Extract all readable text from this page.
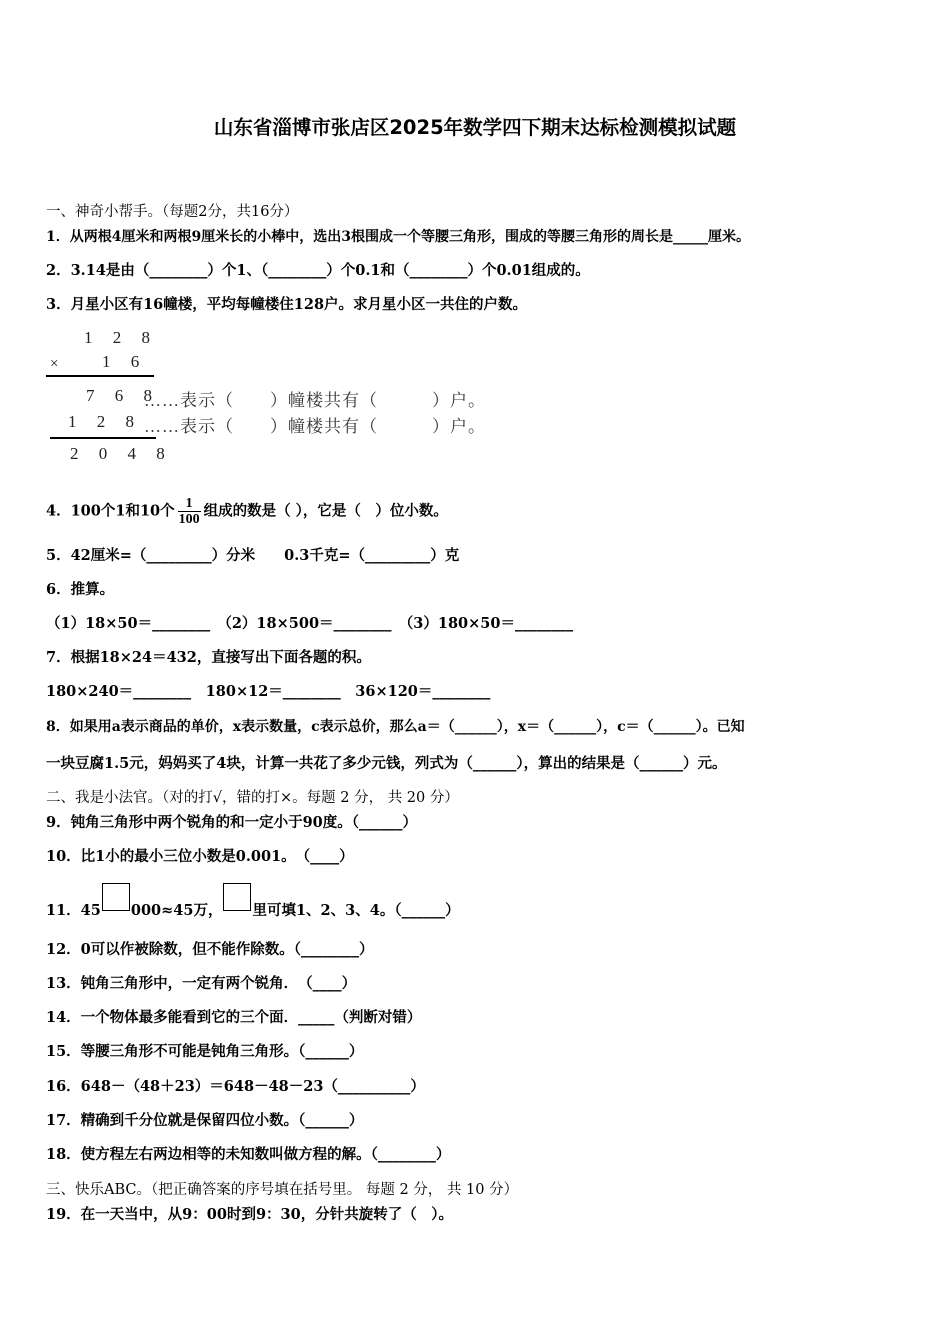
山东省淄博市张店区2025年数学四下期末达标检测模拟试题
一、神奇小帮手。（每题2分，共16分）
1．从两根4厘米和两根9厘米长的小棒中，选出3根围成一个等腰三角形，围成的等腰三角形的周长是_____厘米。
2．3.14是由（________）个1、（________）个0.1和（________）个0.01组成的。
3．月星小区有16幢楼，平均每幢楼住128户。求月星小区一共住的户数。
1 2 8
× 1 6
7 6 8
……表示（　　）幢楼共有（　　　）户。
1 2 8 ……表示（　　）幢楼共有（　　　）户。
2 0 4 8
4．100个1和10个 $\frac{1}{100}$ 组成的数是（ ），它是（　）位小数。
5．42厘米=（_________）分米　　0.3千克=（_________）克
6．推算。
（1）18×50＝________　（2）18×500＝________　（3）180×50＝________
7．根据18×24＝432，直接写出下面各题的积。
180×240＝________　180×12＝________　36×120＝________
8．如果用a表示商品的单价，x表示数量，c表示总价，那么a＝（______），x＝（______），c＝（______）。已知
一块豆腐1.5元，妈妈买了4块，计算一共花了多少元钱，列式为（______），算出的结果是（______）元。
二、我是小法官。（对的打√，错的打×。每题 2 分， 共 20 分）
9．钝角三角形中两个锐角的和一定小于90度。（______）
10．比1小的最小三位小数是0.001。　（____）
11．45 000≈45万， 里可填1、2、3、4。（______）
12．0可以作被除数，但不能作除数。（________）
13．钝角三角形中，一定有两个锐角．　（____）
14．一个物体最多能看到它的三个面．_____（判断对错）
15．等腰三角形不可能是钝角三角形。（______）
16．648－（48＋23）＝648－48－23（__________）
17．精确到千分位就是保留四位小数。（______）
18．使方程左右两边相等的未知数叫做方程的解。（________）
三、快乐ABC。（把正确答案的序号填在括号里。 每题 2 分， 共 10 分）
19．在一天当中，从9：00时到9：30，分针共旋转了（　）。
